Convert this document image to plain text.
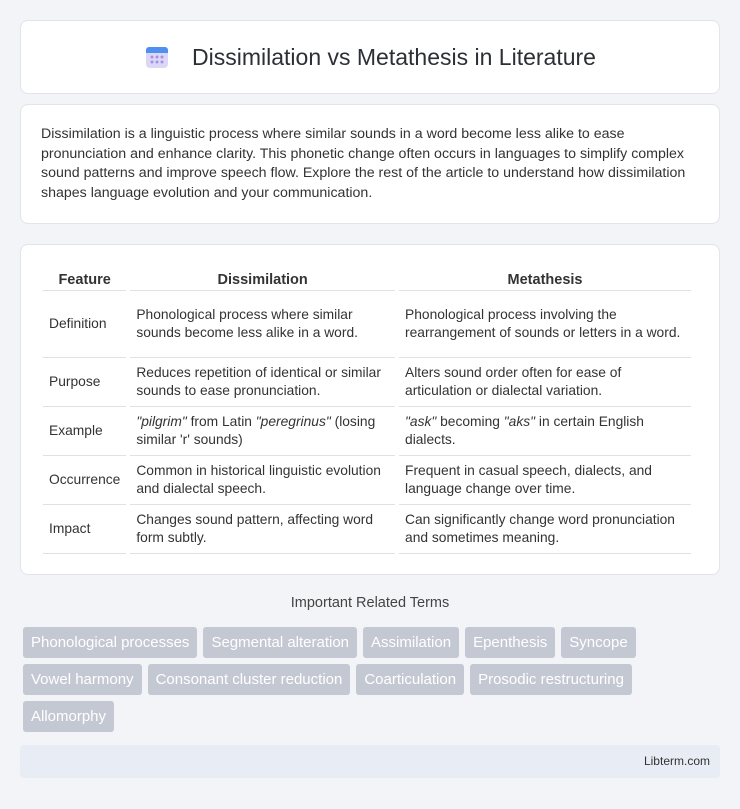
Dissimilation vs Metathesis in Literature

Dissimilation is a linguistic process where similar sounds in a word become less alike to ease pronunciation and enhance clarity. This phonetic change often occurs in languages to simplify complex sound patterns and improve speech flow. Explore the rest of the article to understand how dissimilation shapes language evolution and your communication.

Feature	Dissimilation	Metathesis
Definition	Phonological process where similar sounds become less alike in a word.	Phonological process involving the rearrangement of sounds or letters in a word.
Purpose	Reduces repetition of identical or similar sounds to ease pronunciation.	Alters sound order often for ease of articulation or dialectal variation.
Example	"pilgrim" from Latin "peregrinus" (losing similar 'r' sounds)	"ask" becoming "aks" in certain English dialects.
Occurrence	Common in historical linguistic evolution and dialectal speech.	Frequent in casual speech, dialects, and language change over time.
Impact	Changes sound pattern, affecting word form subtly.	Can significantly change word pronunciation and sometimes meaning.
Important Related Terms
Phonological processes	Segmental alteration	Assimilation	Epenthesis	Syncope
Vowel harmony	Consonant cluster reduction	Coarticulation	Prosodic restructuring
Allomorphy
Libterm.com
